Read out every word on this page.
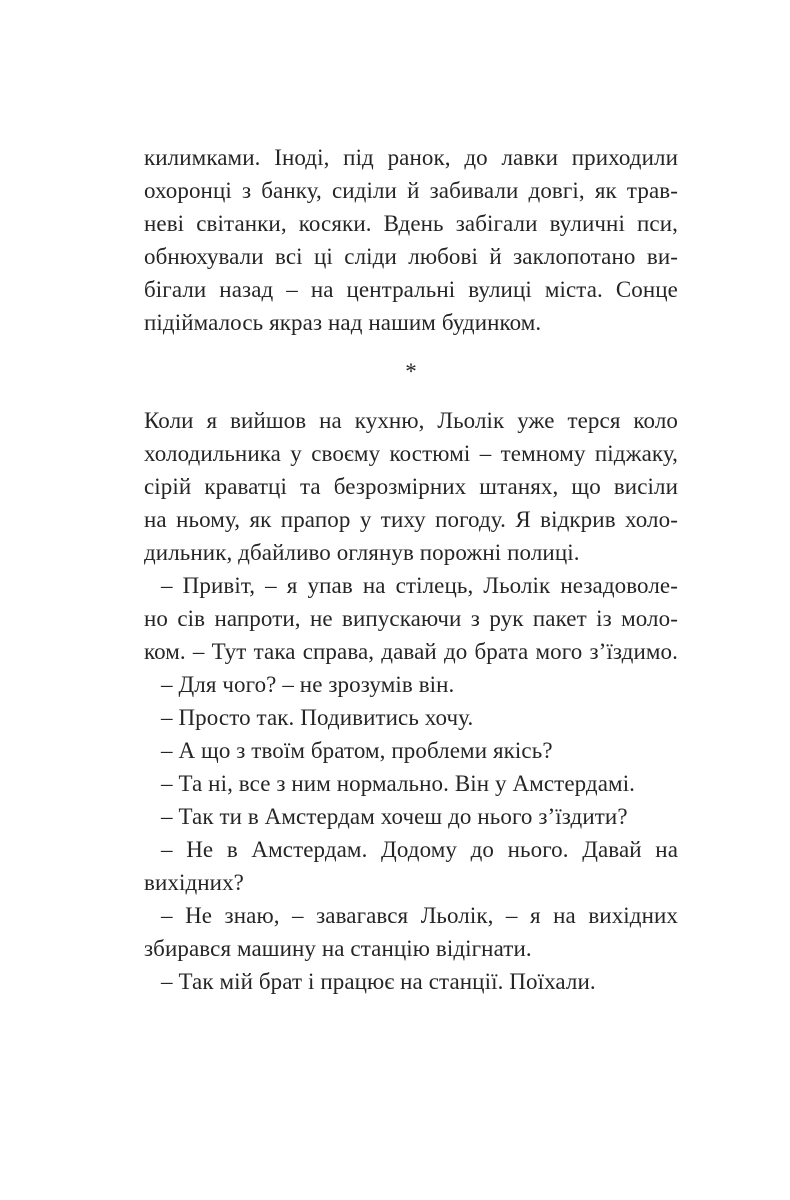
килимками. Іноді, під ранок, до лавки приходили
охоронці з банку, сиділи й забивали довгі, як трав-
неві світанки, косяки. Вдень забігали вуличні пси,
обнюхували всі ці сліди любові й заклопотано ви-
бігали назад – на центральні вулиці міста. Сонце
підіймалось якраз над нашим будинком.
*
Коли я вийшов на кухню, Льолік уже терся коло
холодильника у своєму костюмі – темному піджаку,
сірій краватці та безрозмірних штанях, що висіли
на ньому, як прапор у тиху погоду. Я відкрив холо-
дильник, дбайливо оглянув порожні полиці.
– Привіт, – я упав на стілець, Льолік незадоволе-
но сів напроти, не випускаючи з рук пакет із моло-
ком. – Тут така справа, давай до брата мого з’їздимо.
– Для чого? – не зрозумів він.
– Просто так. Подивитись хочу.
– А що з твоїм братом, проблеми якісь?
– Та ні, все з ним нормально. Він у Амстердамі.
– Так ти в Амстердам хочеш до нього з’їздити?
– Не в Амстердам. Додому до нього. Давай на
вихідних?
– Не знаю, – завагався Льолік, – я на вихідних
збирався машину на станцію відігнати.
– Так мій брат і працює на станції. Поїхали.
